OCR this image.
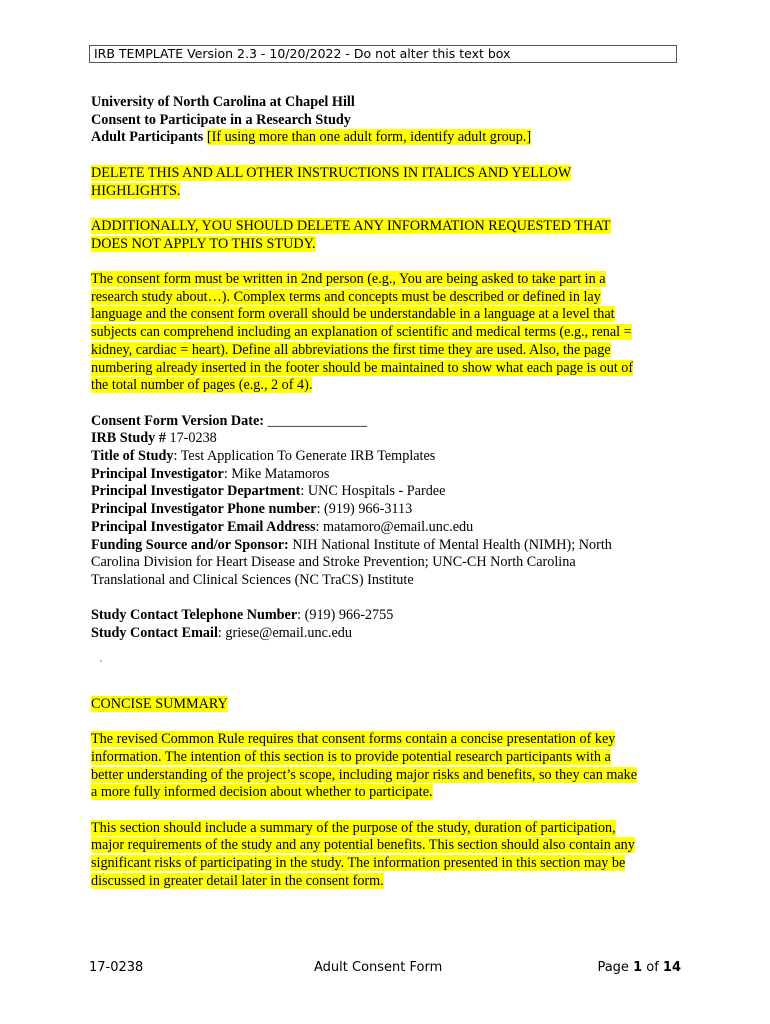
IRB TEMPLATE Version 2.3 - 10/20/2022 - Do not alter this text box

University of North Carolina at Chapel Hill

Consent to Participate in a Research Study

Adult Participants [If using more than one adult form, identify adult group.]

DELETE THIS AND ALL OTHER INSTRUCTIONS IN ITALICS AND YELLOW
HIGHLIGHTS.

ADDITIONALLY, YOU SHOULD DELETE ANY INFORMATION REQUESTED THAT
DOES NOT APPLY TO THIS STUDY.

The consent form must be written in 2nd person (e.g., You are being asked to take part in a
research study about…). Complex terms and concepts must be described or defined in lay
language and the consent form overall should be understandable in a language at a level that
subjects can comprehend including an explanation of scientific and medical terms (e.g., renal =
kidney, cardiac = heart). Define all abbreviations the first time they are used. Also, the page
numbering already inserted in the footer should be maintained to show what each page is out of
the total number of pages (e.g., 2 of 4).

Consent Form Version Date: ______________

IRB Study # 17-0238

Title of Study: Test Application To Generate IRB Templates

Principal Investigator: Mike Matamoros

Principal Investigator Department: UNC Hospitals - Pardee

Principal Investigator Phone number: (919) 966-3113

Principal Investigator Email Address: matamoro@email.unc.edu

Funding Source and/or Sponsor: NIH National Institute of Mental Health (NIMH); North
Carolina Division for Heart Disease and Stroke Prevention; UNC-CH North Carolina
Translational and Clinical Sciences (NC TraCS) Institute

Study Contact Telephone Number: (919) 966-2755

Study Contact Email: griese@email.unc.edu

CONCISE SUMMARY

The revised Common Rule requires that consent forms contain a concise presentation of key
information. The intention of this section is to provide potential research participants with a
better understanding of the project’s scope, including major risks and benefits, so they can make
a more fully informed decision about whether to participate.

This section should include a summary of the purpose of the study, duration of participation,
major requirements of the study and any potential benefits. This section should also contain any
significant risks of participating in the study. The information presented in this section may be
discussed in greater detail later in the consent form.

17-0238	Adult Consent Form	Page 1 of 14
